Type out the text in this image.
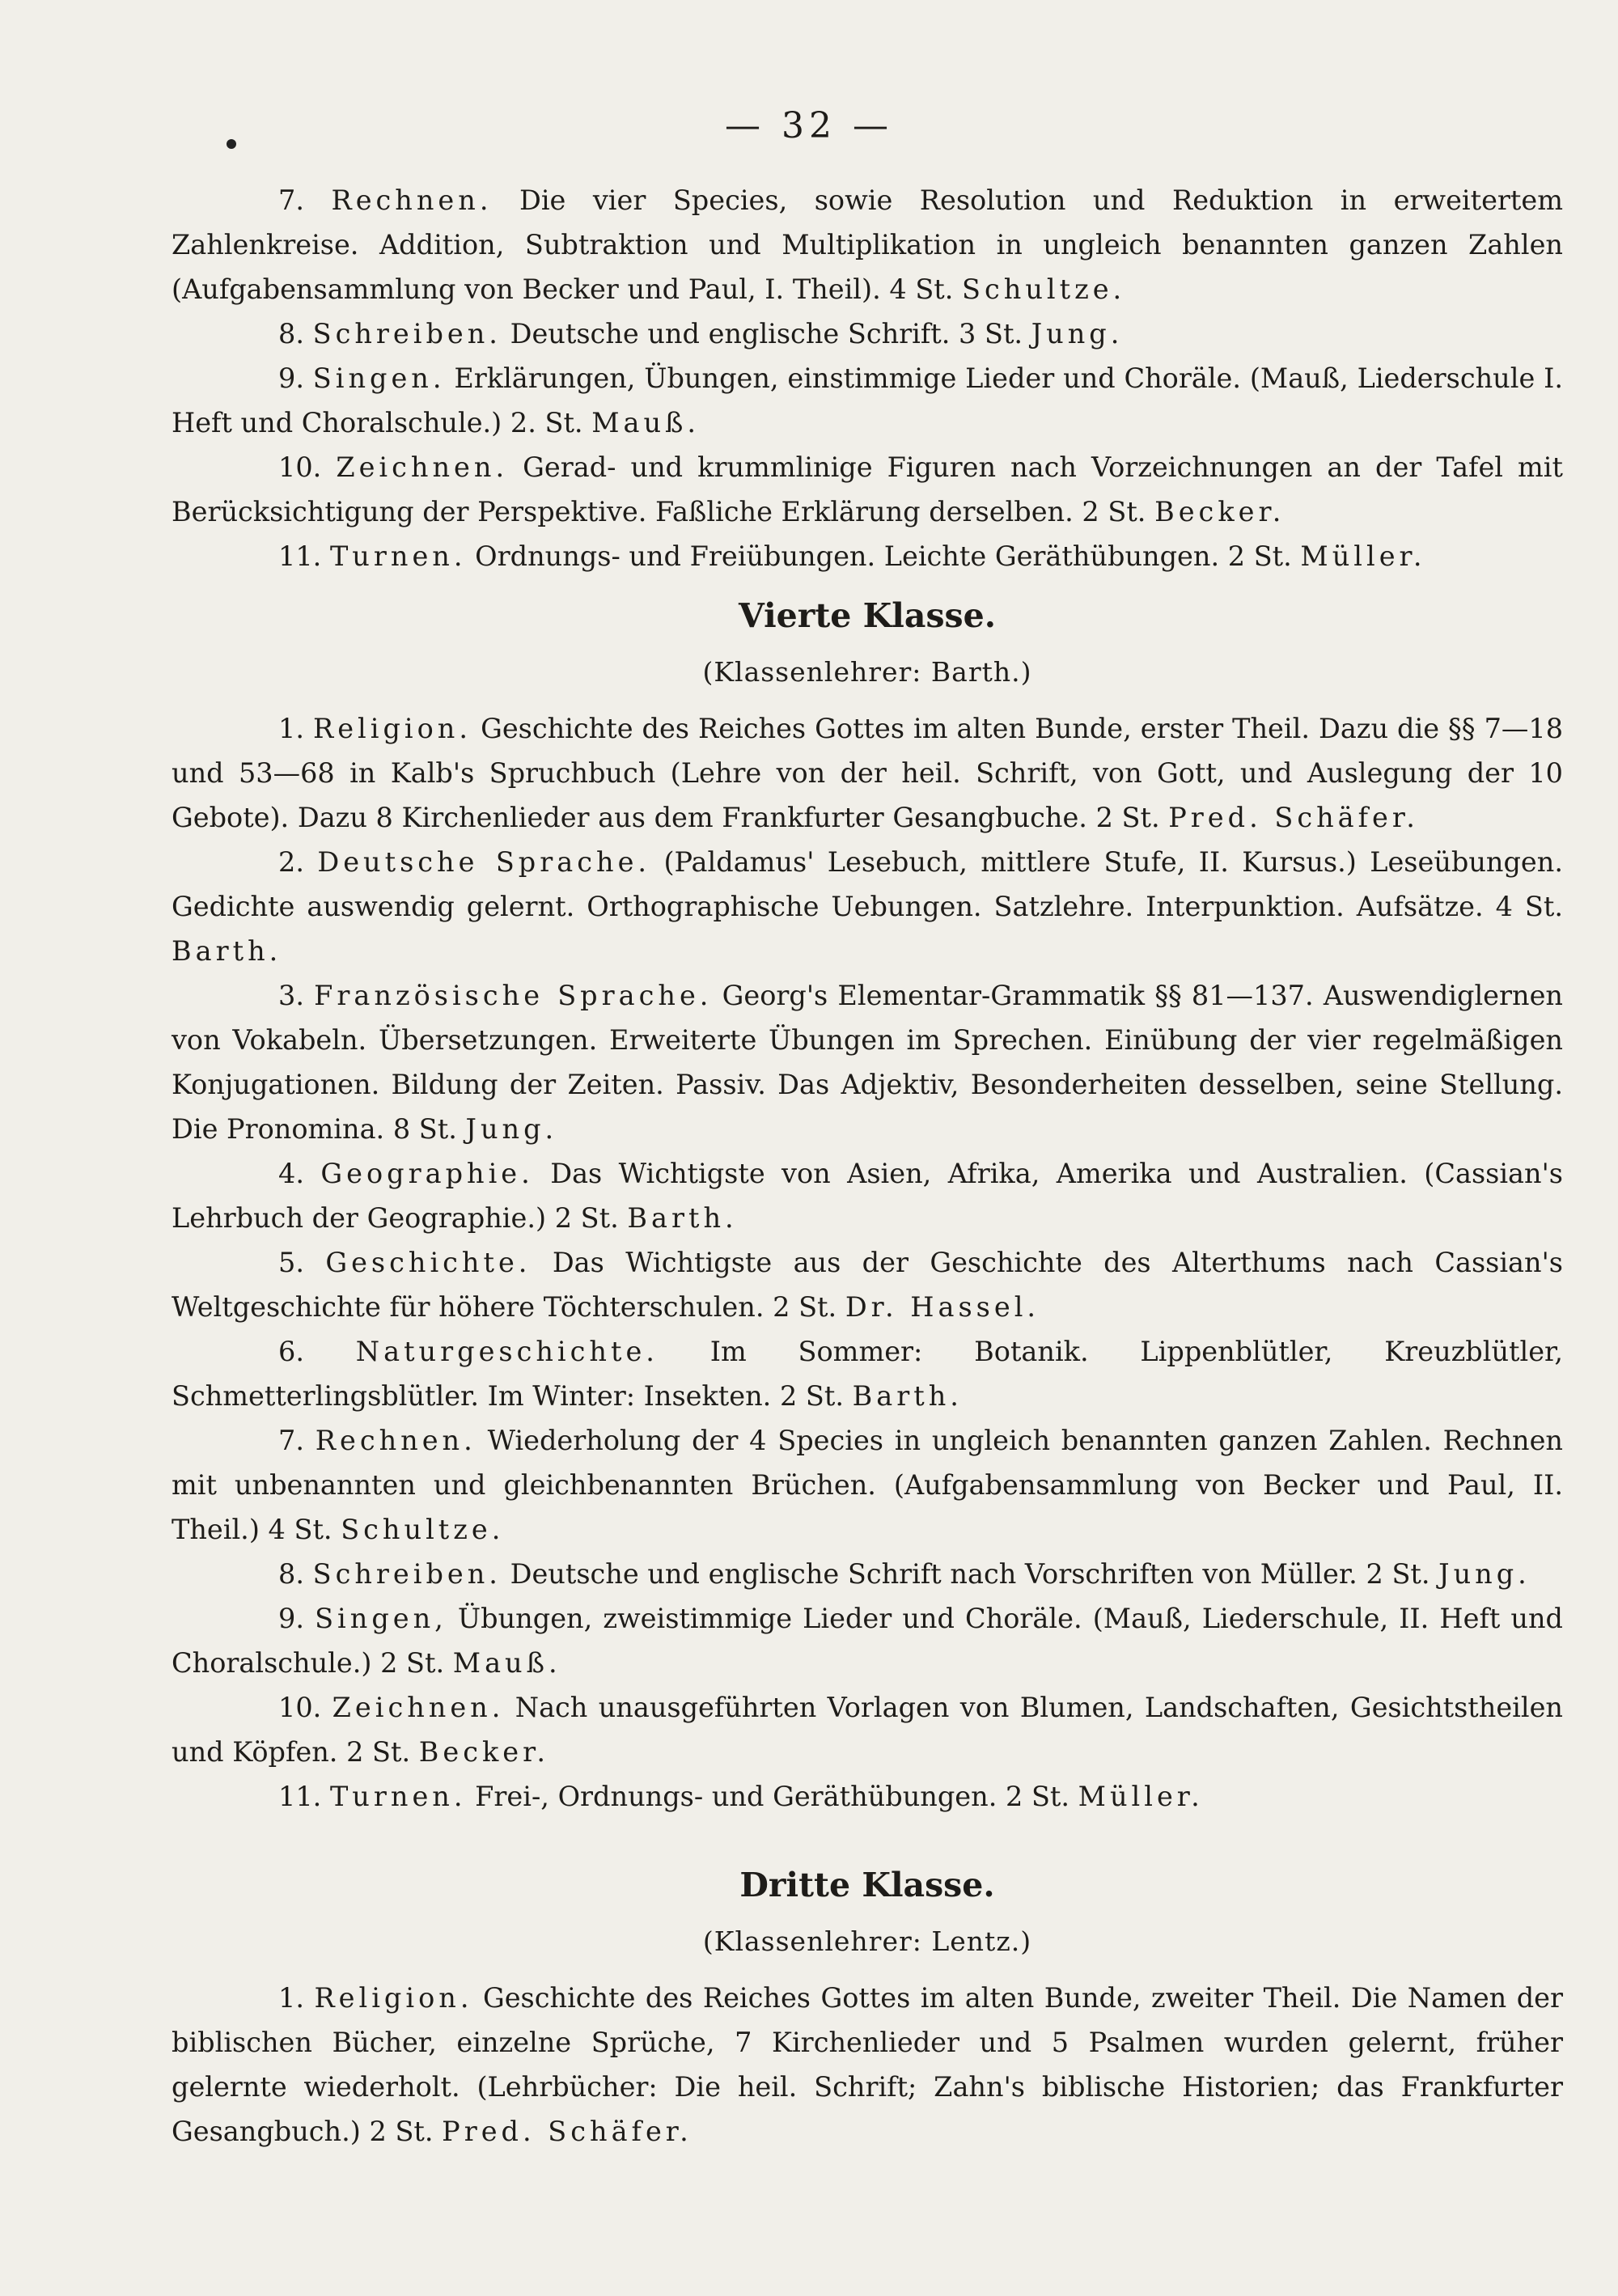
— 32 —

7. Rechnen. Die vier Species, sowie Resolution und Reduktion in erweitertem Zahlenkreise. Addition, Subtraktion und Multiplikation in ungleich benannten ganzen Zahlen (Aufgabensammlung von Becker und Paul, I. Theil). 4 St. Schultze.

8. Schreiben. Deutsche und englische Schrift. 3 St. Jung.

9. Singen. Erklärungen, Übungen, einstimmige Lieder und Choräle. (Mauß, Liederschule I. Heft und Choralschule.) 2. St. Mauß.

10. Zeichnen. Gerad- und krummlinige Figuren nach Vorzeichnungen an der Tafel mit Berücksichtigung der Perspektive. Faßliche Erklärung derselben. 2 St. Becker.

11. Turnen. Ordnungs- und Freiübungen. Leichte Geräthübungen. 2 St. Müller.

Vierte Klasse.
(Klassenlehrer: Barth.)

1. Religion. Geschichte des Reiches Gottes im alten Bunde, erster Theil. Dazu die §§ 7—18 und 53—68 in Kalb's Spruchbuch (Lehre von der heil. Schrift, von Gott, und Auslegung der 10 Gebote). Dazu 8 Kirchenlieder aus dem Frankfurter Gesangbuche. 2 St. Pred. Schäfer.

2. Deutsche Sprache. (Paldamus' Lesebuch, mittlere Stufe, II. Kursus.) Leseübungen. Gedichte auswendig gelernt. Orthographische Uebungen. Satzlehre. Interpunktion. Aufsätze. 4 St. Barth.

3. Französische Sprache. Georg's Elementar-Grammatik §§ 81—137. Auswendiglernen von Vokabeln. Übersetzungen. Erweiterte Übungen im Sprechen. Einübung der vier regelmäßigen Konjugationen. Bildung der Zeiten. Passiv. Das Adjektiv, Besonderheiten desselben, seine Stellung. Die Pronomina. 8 St. Jung.

4. Geographie. Das Wichtigste von Asien, Afrika, Amerika und Australien. (Cassian's Lehrbuch der Geographie.) 2 St. Barth.

5. Geschichte. Das Wichtigste aus der Geschichte des Alterthums nach Cassian's Weltgeschichte für höhere Töchterschulen. 2 St. Dr. Hassel.

6. Naturgeschichte. Im Sommer: Botanik. Lippenblütler, Kreuzblütler, Schmetterlingsblütler. Im Winter: Insekten. 2 St. Barth.

7. Rechnen. Wiederholung der 4 Species in ungleich benannten ganzen Zahlen. Rechnen mit unbenannten und gleichbenannten Brüchen. (Aufgabensammlung von Becker und Paul, II. Theil.) 4 St. Schultze.

8. Schreiben. Deutsche und englische Schrift nach Vorschriften von Müller. 2 St. Jung.

9. Singen, Übungen, zweistimmige Lieder und Choräle. (Mauß, Liederschule, II. Heft und Choralschule.) 2 St. Mauß.

10. Zeichnen. Nach unausgeführten Vorlagen von Blumen, Landschaften, Gesichtstheilen und Köpfen. 2 St. Becker.

11. Turnen. Frei-, Ordnungs- und Geräthübungen. 2 St. Müller.

Dritte Klasse.
(Klassenlehrer: Lentz.)

1. Religion. Geschichte des Reiches Gottes im alten Bunde, zweiter Theil. Die Namen der biblischen Bücher, einzelne Sprüche, 7 Kirchenlieder und 5 Psalmen wurden gelernt, früher gelernte wiederholt. (Lehrbücher: Die heil. Schrift; Zahn's biblische Historien; das Frankfurter Gesangbuch.) 2 St. Pred. Schäfer.
